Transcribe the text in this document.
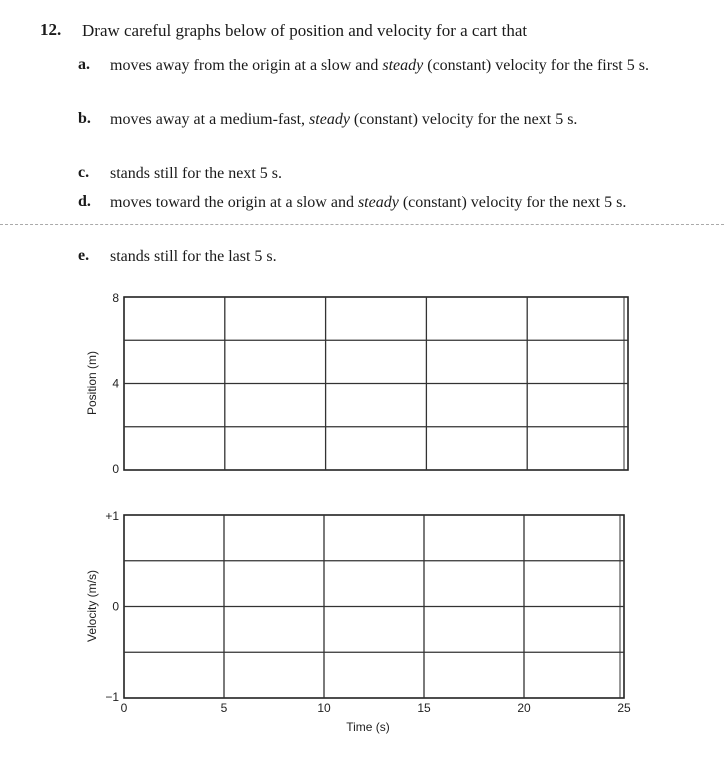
12. Draw careful graphs below of position and velocity for a cart that
a. moves away from the origin at a slow and steady (constant) velocity for the first 5 s.
b. moves away at a medium-fast, steady (constant) velocity for the next 5 s.
c. stands still for the next 5 s.
d. moves toward the origin at a slow and steady (constant) velocity for the next 5 s.
e. stands still for the last 5 s.
8
4
0
Position (m)
+1
0
−1
Velocity (m/s)
0	5	10	15	20	25
Time (s)
